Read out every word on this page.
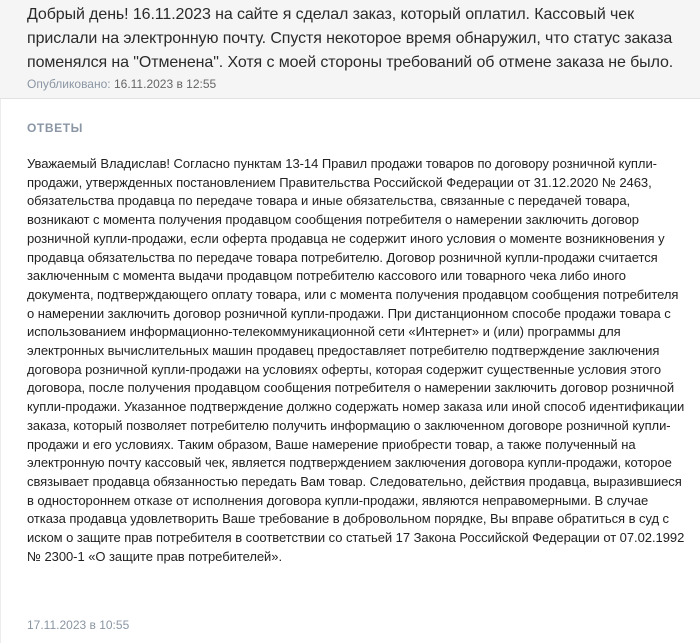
Добрый день! 16.11.2023 на сайте я сделал заказ, который оплатил. Кассовый чек прислали на электронную почту. Спустя некоторое время обнаружил, что статус заказа поменялся на "Отменена". Хотя с моей стороны требований об отмене заказа не было.

Опубликовано: 16.11.2023 в 12:55
ОТВЕТЫ

Уважаемый Владислав! Согласно пунктам 13-14 Правил продажи товаров по договору розничной купли-продажи, утвержденных постановлением Правительства Российской Федерации от 31.12.2020 № 2463, обязательства продавца по передаче товара и иные обязательства, связанные с передачей товара, возникают с момента получения продавцом сообщения потребителя о намерении заключить договор розничной купли-продажи, если оферта продавца не содержит иного условия о моменте возникновения у продавца обязательства по передаче товара потребителю. Договор розничной купли-продажи считается заключенным с момента выдачи продавцом потребителю кассового или товарного чека либо иного документа, подтверждающего оплату товара, или с момента получения продавцом сообщения потребителя о намерении заключить договор розничной купли-продажи. При дистанционном способе продажи товара с использованием информационно-телекоммуникационной сети «Интернет» и (или) программы для электронных вычислительных машин продавец предоставляет потребителю подтверждение заключения договора розничной купли-продажи на условиях оферты, которая содержит существенные условия этого договора, после получения продавцом сообщения потребителя о намерении заключить договор розничной купли-продажи. Указанное подтверждение должно содержать номер заказа или иной способ идентификации заказа, который позволяет потребителю получить информацию о заключенном договоре розничной купли-продажи и его условиях. Таким образом, Ваше намерение приобрести товар, а также полученный на электронную почту кассовый чек, является подтверждением заключения договора купли-продажи, которое связывает продавца обязанностью передать Вам товар. Следовательно, действия продавца, выразившиеся в одностороннем отказе от исполнения договора купли-продажи, являются неправомерными. В случае отказа продавца удовлетворить Ваше требование в добровольном порядке, Вы вправе обратиться в суд с иском о защите прав потребителя в соответствии со статьей 17 Закона Российской Федерации от 07.02.1992 № 2300-1 «О защите прав потребителей».

17.11.2023 в 10:55
